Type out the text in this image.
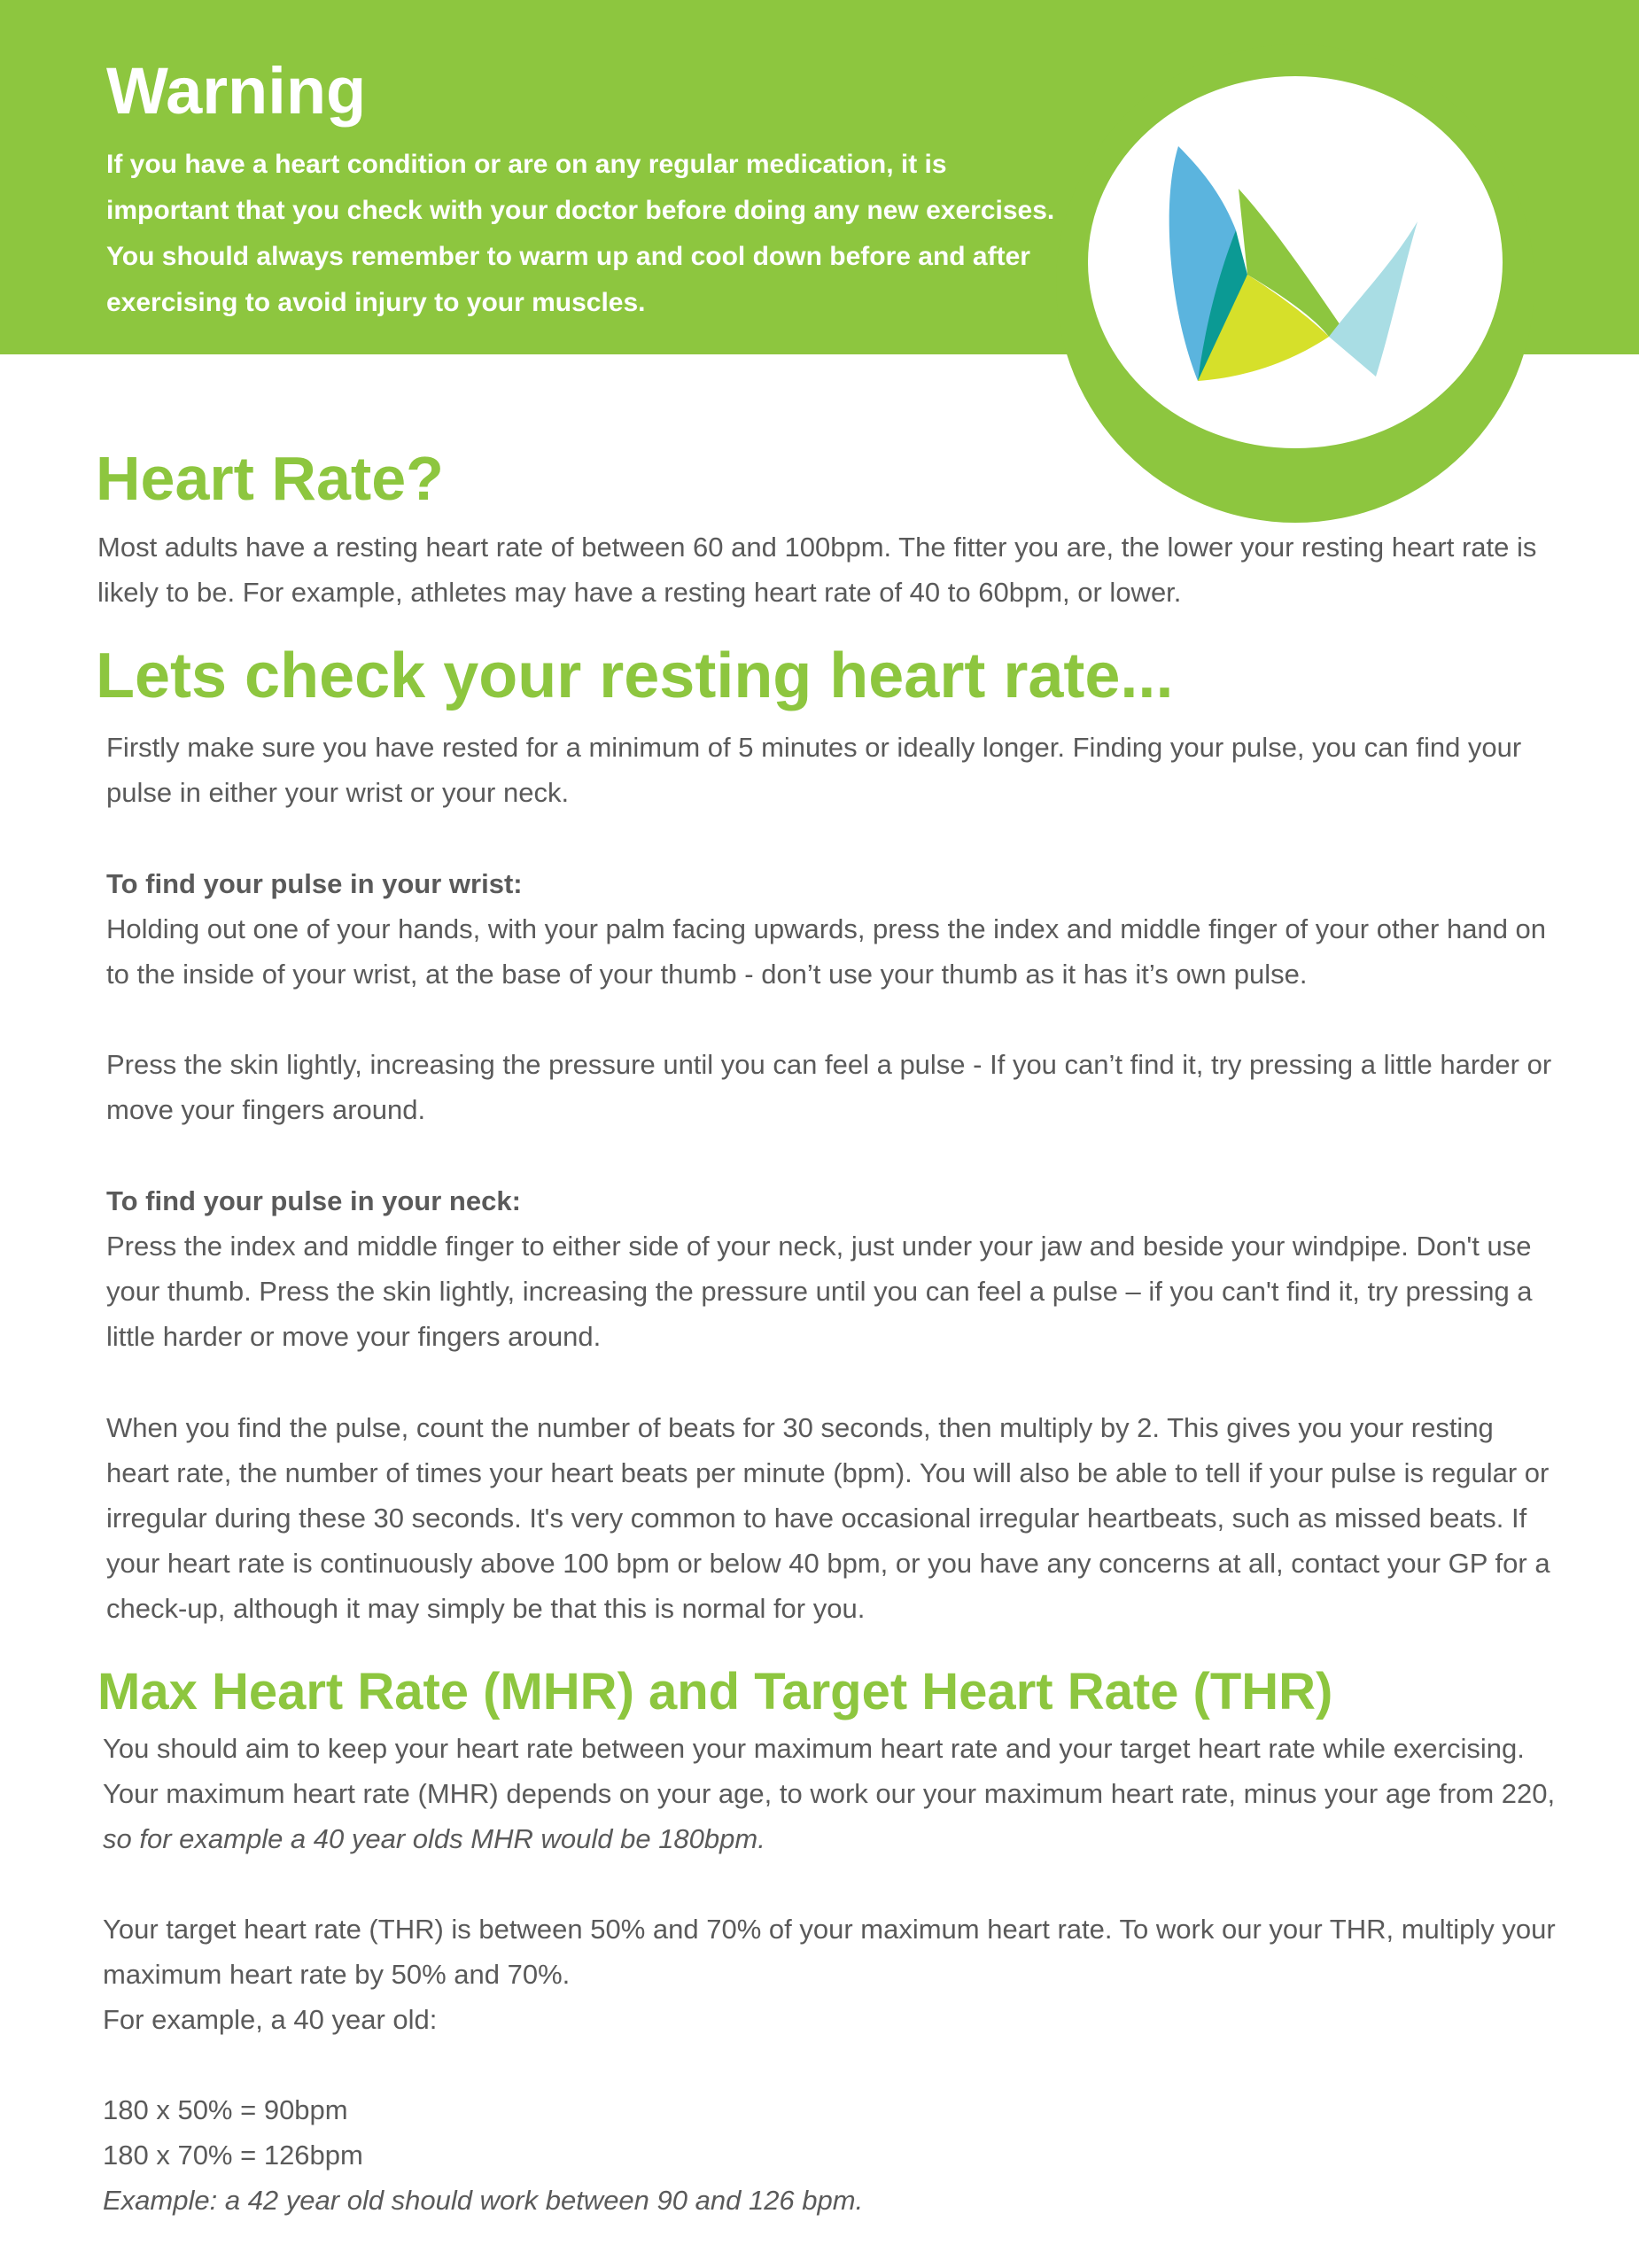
Warning

If you have a heart condition or are on any regular medication, it is important that you check with your doctor before doing any new exercises. You should always remember to warm up and cool down before and after exercising to avoid injury to your muscles.

Heart Rate?

Most adults have a resting heart rate of between 60 and 100bpm. The fitter you are, the lower your resting heart rate is likely to be. For example, athletes may have a resting heart rate of 40 to 60bpm, or lower.

Lets check your resting heart rate...

Firstly make sure you have rested for a minimum of 5 minutes or ideally longer. Finding your pulse, you can find your pulse in either your wrist or your neck.

To find your pulse in your wrist:

Holding out one of your hands, with your palm facing upwards, press the index and middle finger of your other hand on to the inside of your wrist, at the base of your thumb - don’t use your thumb as it has it’s own pulse.

Press the skin lightly, increasing the pressure until you can feel a pulse - If you can’t find it, try pressing a little harder or move your fingers around.

To find your pulse in your neck:

Press the index and middle finger to either side of your neck, just under your jaw and beside your windpipe. Don't use your thumb. Press the skin lightly, increasing the pressure until you can feel a pulse – if you can't find it, try pressing a little harder or move your fingers around.

When you find the pulse, count the number of beats for 30 seconds, then multiply by 2. This gives you your resting heart rate, the number of times your heart beats per minute (bpm). You will also be able to tell if your pulse is regular or irregular during these 30 seconds. It's very common to have occasional irregular heartbeats, such as missed beats. If your heart rate is continuously above 100 bpm or below 40 bpm, or you have any concerns at all, contact your GP for a check-up, although it may simply be that this is normal for you.

Max Heart Rate (MHR) and Target Heart Rate (THR)

You should aim to keep your heart rate between your maximum heart rate and your target heart rate while exercising. Your maximum heart rate (MHR) depends on your age, to work our your maximum heart rate, minus your age from 220, so for example a 40 year olds MHR would be 180bpm.

Your target heart rate (THR) is between 50% and 70% of your maximum heart rate. To work our your THR, multiply your maximum heart rate by 50% and 70%.

For example, a 40 year old:

180 x 50% = 90bpm

180 x 70% = 126bpm

Example: a 42 year old should work between 90 and 126 bpm.
